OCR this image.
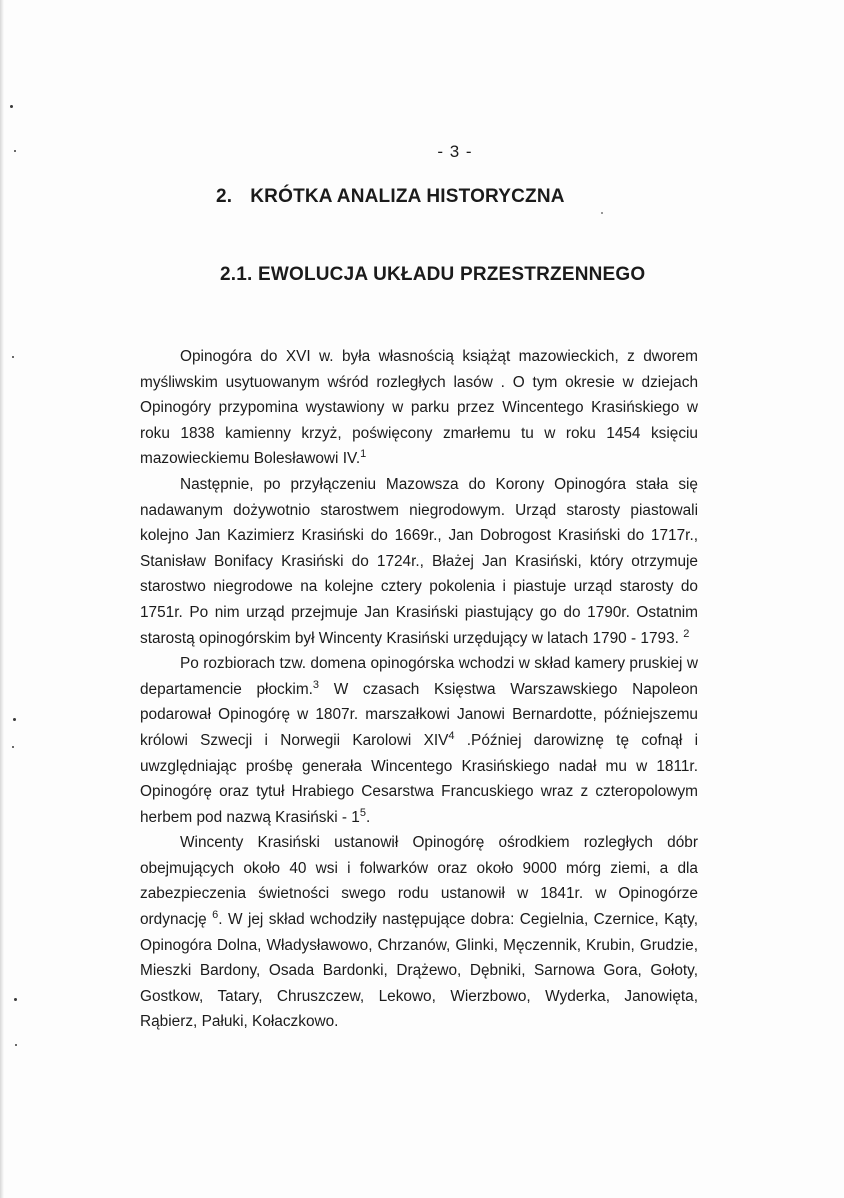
- 3 -
2. KRÓTKA ANALIZA HISTORYCZNA
2.1. EWOLUCJA UKŁADU PRZESTRZENNEGO

Opinogóra do XVI w. była własnością książąt mazowieckich, z dworem myśliwskim usytuowanym wśród rozległych lasów . O tym okresie w dziejach Opinogóry przypomina wystawiony w parku przez Wincentego Krasińskiego w roku 1838 kamienny krzyż, poświęcony zmarłemu tu w roku 1454 księciu mazowieckiemu Bolesławowi IV.$^1$

Następnie, po przyłączeniu Mazowsza do Korony Opinogóra stała się nadawanym dożywotnio starostwem niegrodowym. Urząd starosty piastowali kolejno Jan Kazimierz Krasiński do 1669r., Jan Dobrogost Krasiński do 1717r., Stanisław Bonifacy Krasiński do 1724r., Błażej Jan Krasiński, który otrzymuje starostwo niegrodowe na kolejne cztery pokolenia i piastuje urząd starosty do 1751r. Po nim urząd przejmuje Jan Krasiński piastujący go do 1790r. Ostatnim starostą opinogórskim był Wincenty Krasiński urzędujący w latach 1790 - 1793. $^2$

Po rozbiorach tzw. domena opinogórska wchodzi w skład kamery pruskiej w departamencie płockim.$^3$ W czasach Księstwa Warszawskiego Napoleon podarował Opinogórę w 1807r. marszałkowi Janowi Bernardotte, późniejszemu królowi Szwecji i Norwegii Karolowi XIV$^4$ .Później darowiznę tę cofnął i uwzględniając prośbę generała Wincentego Krasińskiego nadał mu w 1811r. Opinogórę oraz tytuł Hrabiego Cesarstwa Francuskiego wraz z czteropolowym herbem pod nazwą Krasiński - $1^5$.

Wincenty Krasiński ustanowił Opinogórę ośrodkiem rozległych dóbr obejmujących około 40 wsi i folwarków oraz około 9000 mórg ziemi, a dla zabezpieczenia świetności swego rodu ustanowił w 1841r. w Opinogórze ordynację $^6$. W jej skład wchodziły następujące dobra: Cegielnia, Czernice, Kąty, Opinogóra Dolna, Władysławowo, Chrzanów, Glinki, Męczennik, Krubin, Grudzie, Mieszki Bardony, Osada Bardonki, Drążewo, Dębniki, Sarnowa Gora, Gołoty, Gostkow, Tatary, Chruszczew, Lekowo, Wierzbowo, Wyderka, Janowięta, Rąbierz, Pałuki, Kołaczkowo.
